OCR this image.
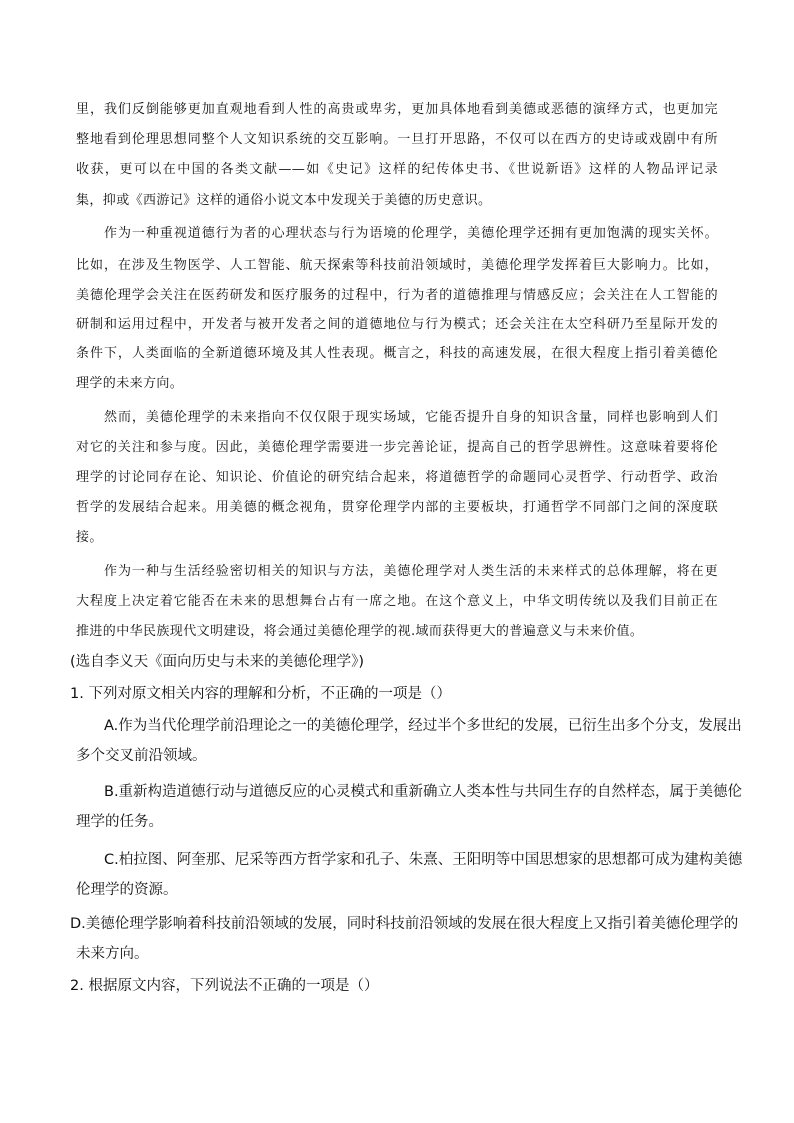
里，我们反倒能够更加直观地看到人性的高贵或卑劣，更加具体地看到美德或恶德的演绎方式，也更加完
整地看到伦理思想同整个人文知识系统的交互影响。一旦打开思路，不仅可以在西方的史诗或戏剧中有所
收获，更可以在中国的各类文献——如《史记》这样的纪传体史书、《世说新语》这样的人物品评记录
集，抑或《西游记》这样的通俗小说文本中发现关于美德的历史意识。
作为一种重视道德行为者的心理状态与行为语境的伦理学，美德伦理学还拥有更加饱满的现实关怀。
比如，在涉及生物医学、人工智能、航天探索等科技前沿领域时，美德伦理学发挥着巨大影响力。比如，
美德伦理学会关注在医药研发和医疗服务的过程中，行为者的道德推理与情感反应；会关注在人工智能的
研制和运用过程中，开发者与被开发者之间的道德地位与行为模式；还会关注在太空科研乃至星际开发的
条件下，人类面临的全新道德环境及其人性表现。概言之，科技的高速发展，在很大程度上指引着美德伦
理学的未来方向。
然而，美德伦理学的未来指向不仅仅限于现实场域，它能否提升自身的知识含量，同样也影响到人们
对它的关注和参与度。因此，美德伦理学需要进一步完善论证，提高自己的哲学思辨性。这意味着要将伦
理学的讨论同存在论、知识论、价值论的研究结合起来，将道德哲学的命题同心灵哲学、行动哲学、政治
哲学的发展结合起来。用美德的概念视角，贯穿伦理学内部的主要板块，打通哲学不同部门之间的深度联
接。
作为一种与生活经验密切相关的知识与方法，美德伦理学对人类生活的未来样式的总体理解，将在更
大程度上决定着它能否在未来的思想舞台占有一席之地。在这个意义上，中华文明传统以及我们目前正在
推进的中华民族现代文明建设，将会通过美德伦理学的视.域而获得更大的普遍意义与未来价值。
(选自李义天《面向历史与未来的美德伦理学》)
1. 下列对原文相关内容的理解和分析，不正确的一项是（）
A.作为当代伦理学前沿理论之一的美德伦理学，经过半个多世纪的发展，已衍生出多个分支，发展出
多个交叉前沿领域。
B.重新构造道德行动与道德反应的心灵模式和重新确立人类本性与共同生存的自然样态，属于美德伦
理学的任务。
C.柏拉图、阿奎那、尼采等西方哲学家和孔子、朱熹、王阳明等中国思想家的思想都可成为建构美德
伦理学的资源。
D.美德伦理学影响着科技前沿领域的发展，同时科技前沿领域的发展在很大程度上又指引着美德伦理学的
未来方向。
2. 根据原文内容，下列说法不正确的一项是（）
